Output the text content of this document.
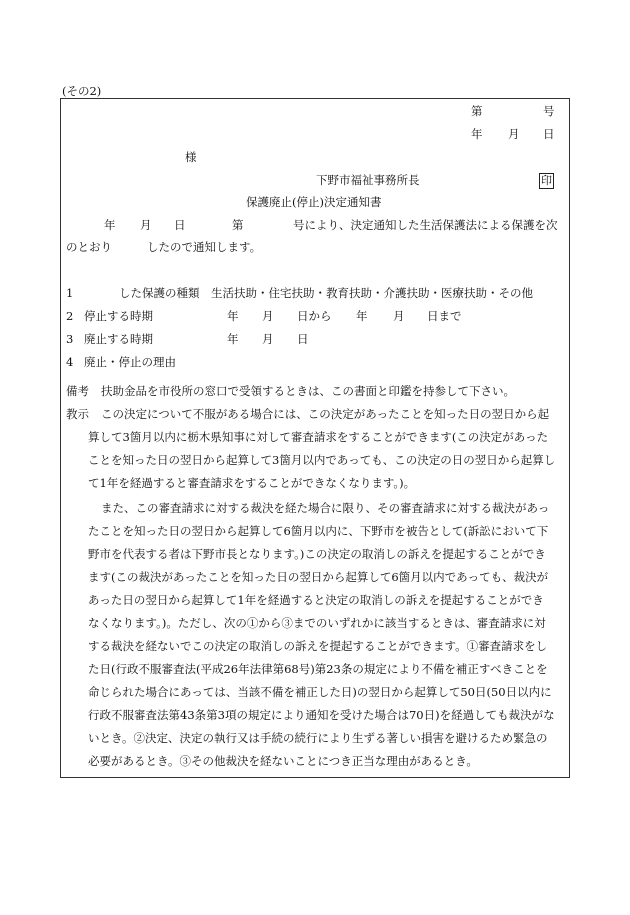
(その2)
第	号
年 月 日
様
下野市福祉事務所長	印
保護廃止(停止)決定通知書
年 月 日	第	号により、決定通知した生活保護法による保護を次
のとおり	したので通知します。
1	した保護の種類 生活扶助・住宅扶助・教育扶助・介護扶助・医療扶助・その他
2 停止する時期	年 月 日から 年 月 日まで
3 廃止する時期	年 月 日
4 廃止・停止の理由
備考 扶助金品を市役所の窓口で受領するときは、この書面と印鑑を持参して下さい。
教示 この決定について不服がある場合には、この決定があったことを知った日の翌日から起
算して3箇月以内に栃木県知事に対して審査請求をすることができます(この決定があった
ことを知った日の翌日から起算して3箇月以内であっても、この決定の日の翌日から起算し
て1年を経過すると審査請求をすることができなくなります。)。
また、この審査請求に対する裁決を経た場合に限り、その審査請求に対する裁決があっ
たことを知った日の翌日から起算して6箇月以内に、下野市を被告として(訴訟において下
野市を代表する者は下野市長となります。)この決定の取消しの訴えを提起することができ
ます(この裁決があったことを知った日の翌日から起算して6箇月以内であっても、裁決が
あった日の翌日から起算して1年を経過すると決定の取消しの訴えを提起することができ
なくなります。)。ただし、次の①から③までのいずれかに該当するときは、審査請求に対
する裁決を経ないでこの決定の取消しの訴えを提起することができます。①審査請求をし
た日(行政不服審査法(平成26年法律第68号)第23条の規定により不備を補正すべきことを
命じられた場合にあっては、当該不備を補正した日)の翌日から起算して50日(50日以内に
行政不服審査法第43条第3項の規定により通知を受けた場合は70日)を経過しても裁決がな
いとき。②決定、決定の執行又は手続の続行により生ずる著しい損害を避けるため緊急の
必要があるとき。③その他裁決を経ないことにつき正当な理由があるとき。
